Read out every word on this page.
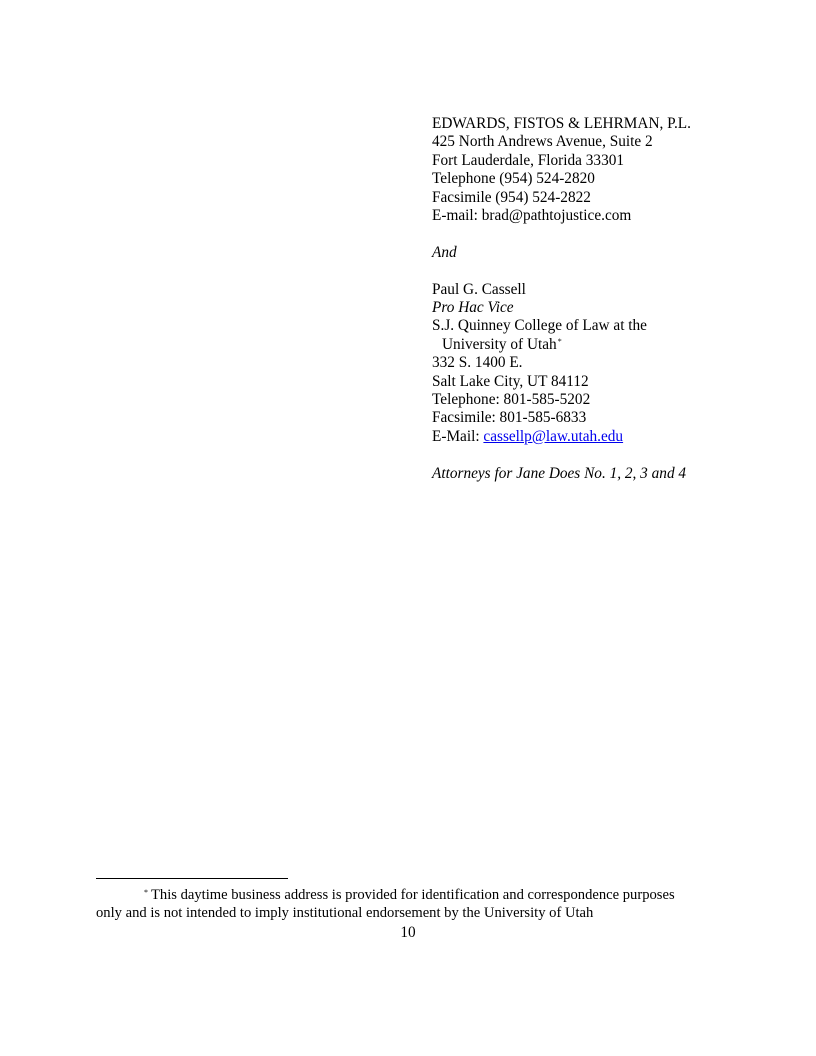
EDWARDS, FISTOS & LEHRMAN, P.L.
425 North Andrews Avenue, Suite 2
Fort Lauderdale, Florida 33301
Telephone (954) 524-2820
Facsimile (954) 524-2822
E-mail: brad@pathtojustice.com
And
Paul G. Cassell
Pro Hac Vice
S.J. Quinney College of Law at the
University of Utah*
332 S. 1400 E.
Salt Lake City, UT 84112
Telephone: 801-585-5202
Facsimile: 801-585-6833
E-Mail: cassellp@law.utah.edu
Attorneys for Jane Does No. 1, 2, 3 and 4
* This daytime business address is provided for identification and correspondence purposes
only and is not intended to imply institutional endorsement by the University of Utah
10
